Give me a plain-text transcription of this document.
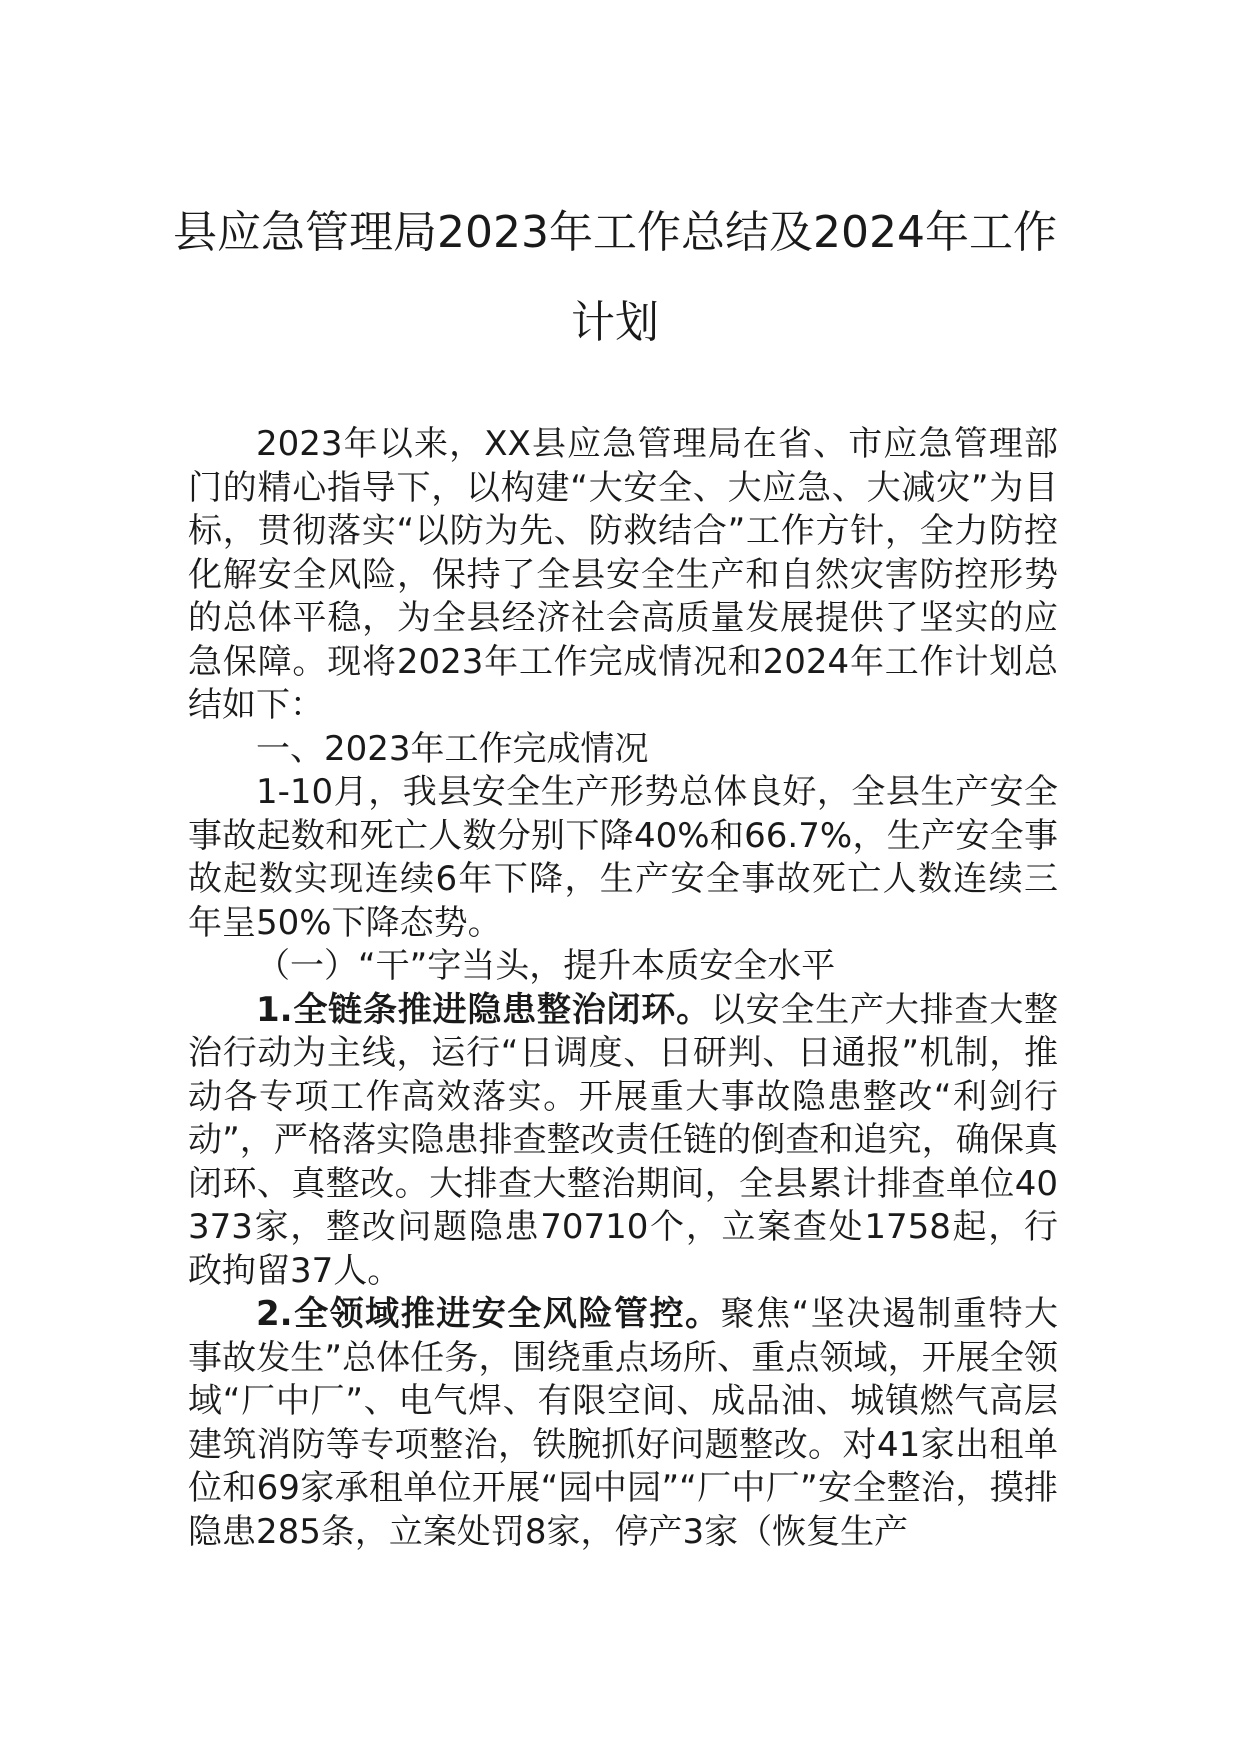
县应急管理局2023年工作总结及2024年工作计划

2023年以来，XX县应急管理局在省、市应急管理部门的精心指导下，以构建“大安全、大应急、大减灾”为目标，贯彻落实“以防为先、防救结合”工作方针，全力防控化解安全风险，保持了全县安全生产和自然灾害防控形势的总体平稳，为全县经济社会高质量发展提供了坚实的应急保障。现将2023年工作完成情况和2024年工作计划总结如下：

一、2023年工作完成情况

1-10月，我县安全生产形势总体良好，全县生产安全事故起数和死亡人数分别下降40%和66.7%，生产安全事故起数实现连续6年下降，生产安全事故死亡人数连续三年呈50%下降态势。

（一）“干”字当头，提升本质安全水平

1.全链条推进隐患整治闭环。以安全生产大排查大整治行动为主线，运行“日调度、日研判、日通报”机制，推动各专项工作高效落实。开展重大事故隐患整改“利剑行动”，严格落实隐患排查整改责任链的倒查和追究，确保真闭环、真整改。大排查大整治期间，全县累计排查单位40373家，整改问题隐患70710个，立案查处1758起，行政拘留37人。

2.全领域推进安全风险管控。聚焦“坚决遏制重特大事故发生”总体任务，围绕重点场所、重点领域，开展全领域“厂中厂”、电气焊、有限空间、成品油、城镇燃气高层建筑消防等专项整治，铁腕抓好问题整改。对41家出租单位和69家承租单位开展“园中园”“厂中厂”安全整治，摸排隐患285条，立案处罚8家，停产3家（恢复生产
